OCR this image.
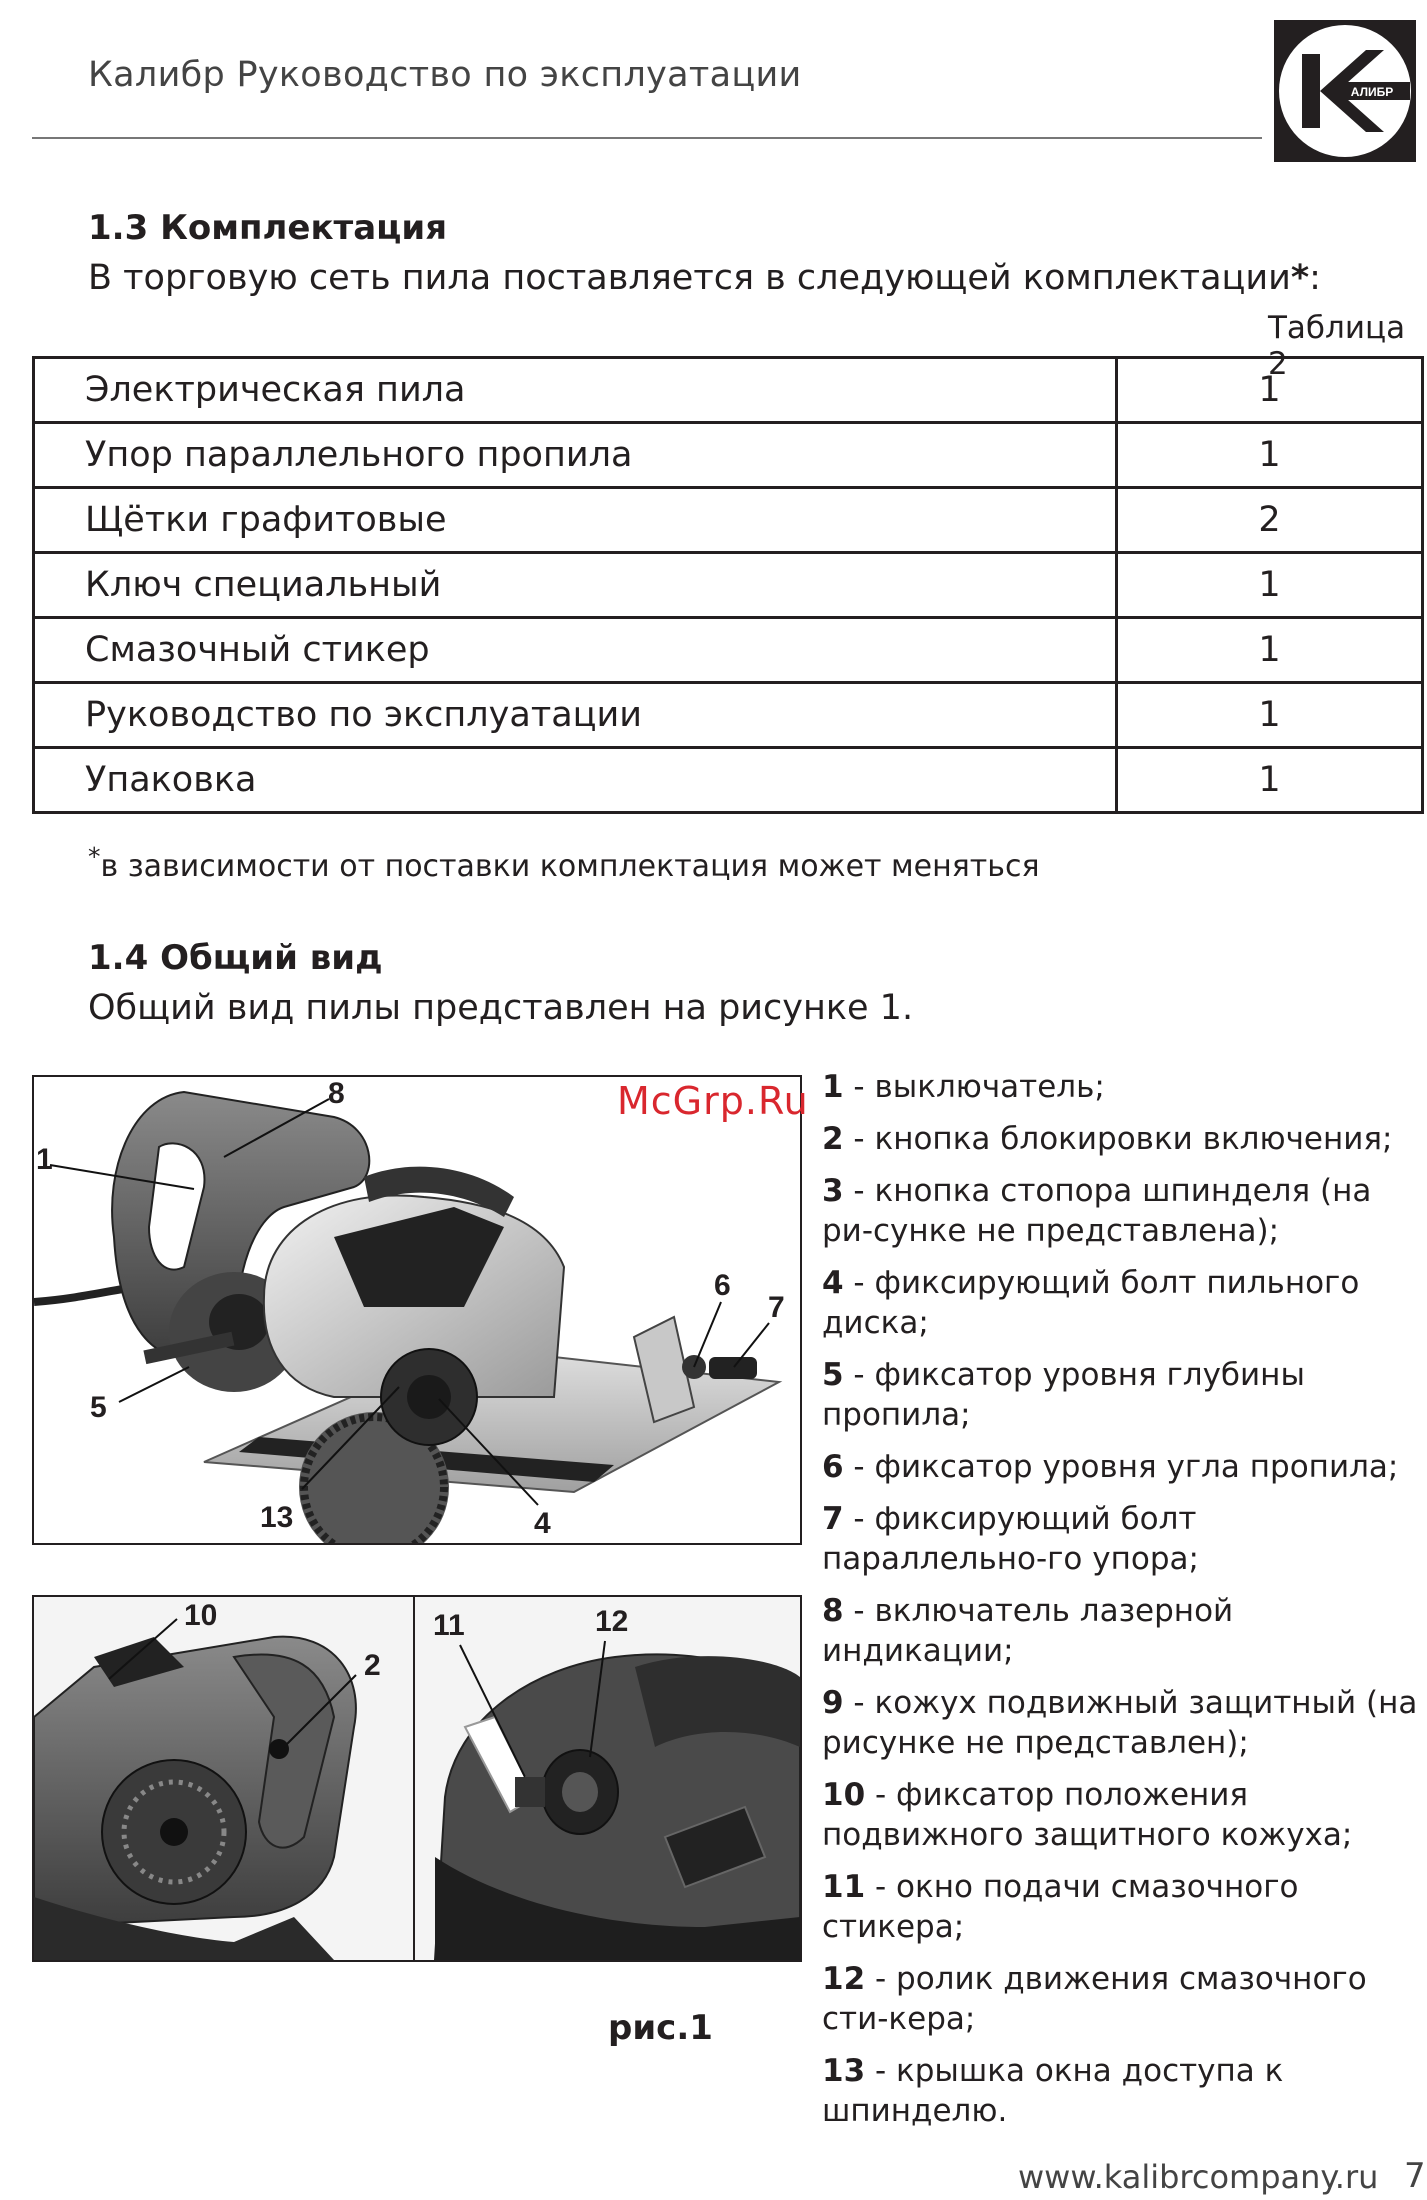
Калибр Руководство по эксплуатации	АЛИБР
1.3 Комплектация
В торговую сеть пила поставляется в следующей комплектации*:
Таблица 2
Электрическая пила	1
Упор параллельного пропила	1
Щётки графитовые	2
Ключ специальный	1
Смазочный стикер	1
Руководство по эксплуатации	1
Упаковка	1
*в зависимости от поставки комплектация может меняться
1.4 Общий вид
Общий вид пилы представлен на рисунке 1.
8
1
6
7
5
13	4
10
2
11	12
McGrp.Ru 1 - выключатель;
2 - кнопка блокировки включения;
3 - кнопка стопора шпинделя (на ри-сунке не представлена);
4 - фиксирующий болт пильного диска;
5 - фиксатор уровня глубины пропила;
6 - фиксатор уровня угла пропила;
7 - фиксирующий болт параллельно-го упора;
8 - включатель лазерной индикации;
9 - кожух подвижный защитный (на рисунке не представлен);
10 - фиксатор положения подвижного защитного кожуха;
11 - окно подачи смазочного стикера;
12 - ролик движения смазочного сти-кера;
13 - крышка окна доступа к шпинделю.
рис.1
www.kalibrcompany.ru 7
